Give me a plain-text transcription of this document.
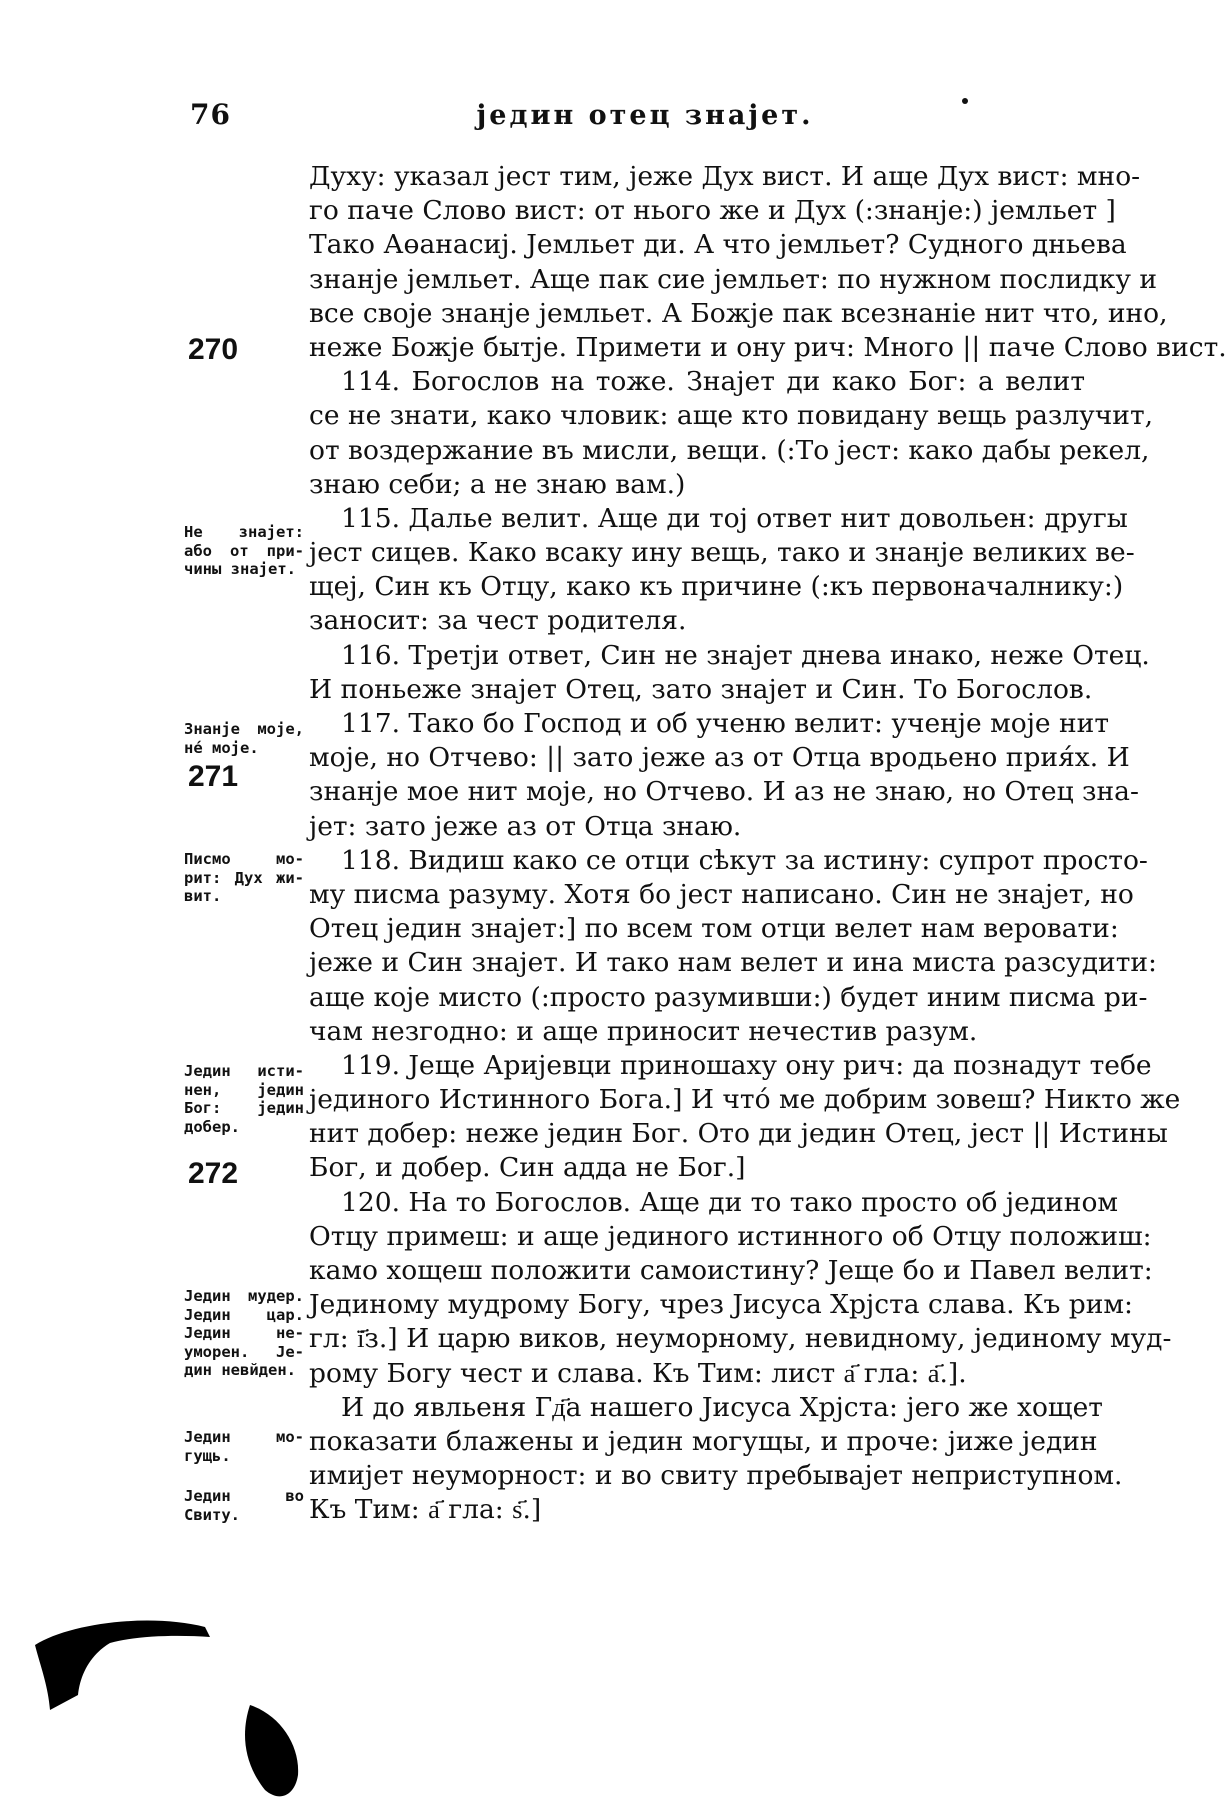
76	једин отец знајет.
Духу: указал јест тим, јеже Дух вист. И аще Дух вист: мно-
го паче Слово вист: от нього же и Дух (:знанје:) јемльет ]
Тако Аөанасиј. Јемльет ди. А что јемльет? Судного дньева
знанје јемльет. Аще пак сие јемльет: по нужном послидку и
все своје знанје јемльет. А Божје пак всезнаніе нит что, ино,
неже Божје бытје. Примети и ону рич: Много || паче Слово вист.
114. Богослов на тоже. Знајет ди како Бог: а велит
се не знати, како чловик: аще кто повидану вещь разлучит,
от воздержание въ мисли, вещи. (:То јест: како дабы рекел,
знаю себи; а не знаю вам.)
115. Дальe велит. Аще ди тој ответ нит довольен: другы
јест сицев. Како всаку ину вещь, тако и знанје великих ве-
щеј, Син къ Отцу, како къ причине (:къ первоначалнику:)
заносит: за чест родителя.
116. Третји ответ, Син не знајет днева инако, неже Отец.
И поньеже знајет Отец, зато знајет и Син. То Богослов.
117. Тако бо Господ и об ученю велит: ученје моје нит
моје, но Отчево: || зато јеже аз от Отца вродьено прия́х. И
знанје мое нит моје, но Отчево. И аз не знаю, но Отец зна-
јет: зато јеже аз от Отца знаю.
118. Видиш како се отци сѣкут за истину: супрот просто-
му писма разуму. Хотя бо јест написано. Син не знајет, но
Отец једин знајет:] по всем том отци велет нам веровати:
јеже и Син знајет. И тако нам велет и ина миста разсудити:
аще које мисто (:просто разумивши:) будет иним писма ри-
чам незгодно: и аще приносит нечестив разум.
119. Јеще Аријевци приношаху ону рич: да познадут тебе
јединого Истинного Бога.] И что́ мe добрим зовеш? Никто же
нит добер: неже једин Бог. Ото ди једин Отец, јест || Истины
Бог, и добер. Син адда не Бог.]
120. На то Богослов. Аще ди то тако просто об једином
Отцу примеш: и аще јединого истинного об Отцу положиш:
камо хощеш положити самоистину? Јеще бо и Павел велит:
Јединому мудрому Богу, чрез Јисуса Хрјста слава. Къ рим:
гл: ї҃з.] И царю виков, неуморному, невидному, јединому муд-
рому Богу чест и слава. Къ Тим: лист а҃ гла: а҃.].
И до явльеня Гд҃а нашего Јисуса Хрјста: јего же хощет
показати блажены и једин могущы, и проче: јиже једин
имијет неуморност: и во свиту пребывајет неприступном.
Къ Тим: а҃ гла: ѕ҃.]
270
271
272
Не знајет:
або от при-
чины знајет.
Знанје моје,
не́ моје.
Писмо мо-
рит: Дух жи-
вит.
Једин исти-
нен, једин
Бог: једин
добер.
Једин мудер.
Једин цар.
Једин не-
уморен. Је-
дин невйден.
Једин мо-
гущь.
Једин во
Свиту.
